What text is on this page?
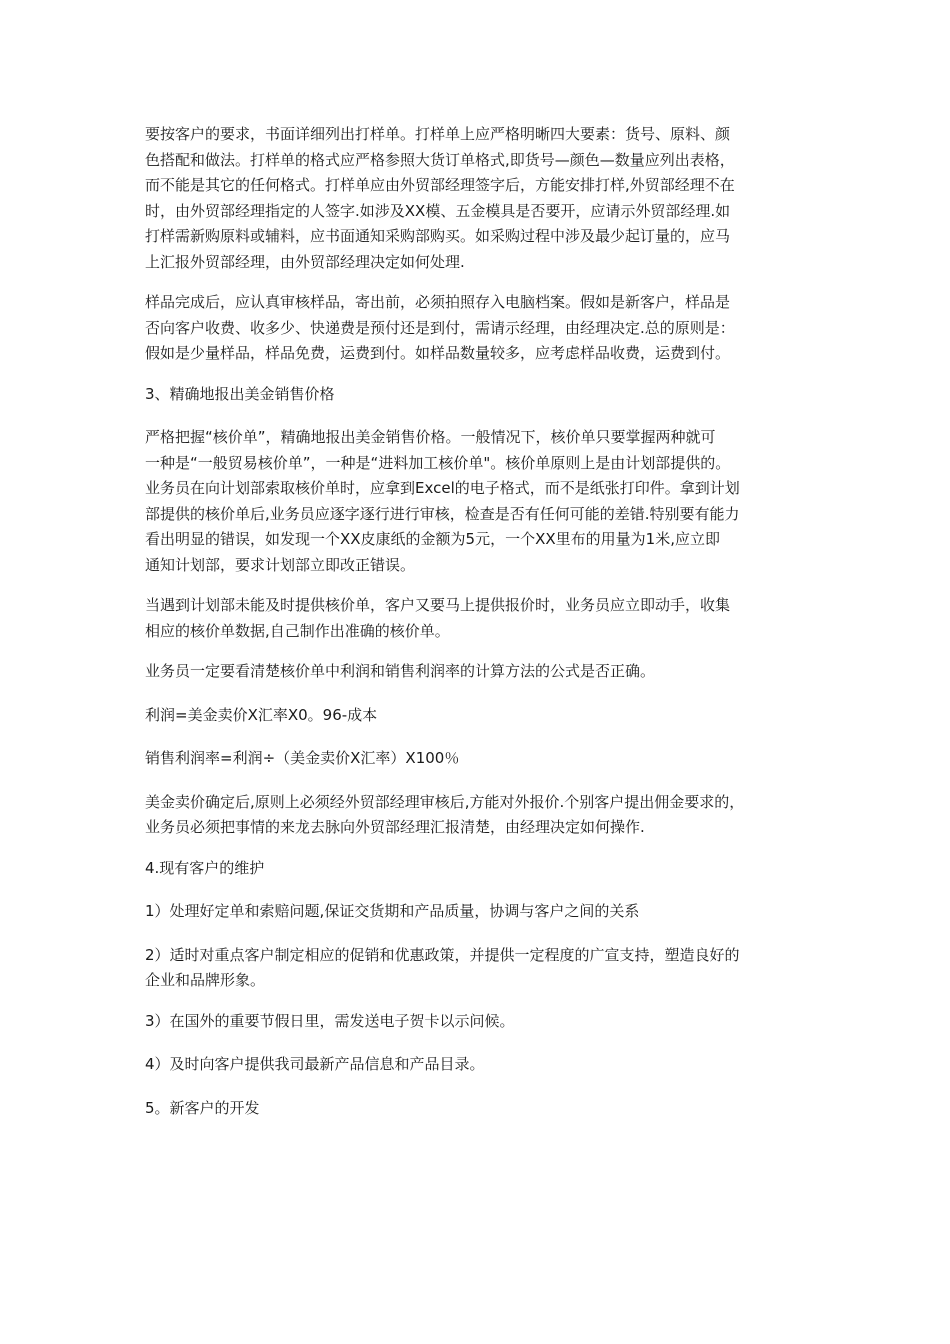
要按客户的要求，书面详细列出打样单。打样单上应严格明晰四大要素：货号、原料、颜
色搭配和做法。打样单的格式应严格参照大货订单格式,即货号—颜色—数量应列出表格，
而不能是其它的任何格式。打样单应由外贸部经理签字后，方能安排打样,外贸部经理不在
时，由外贸部经理指定的人签字.如涉及XX模、五金模具是否要开，应请示外贸部经理.如
打样需新购原料或辅料，应书面通知采购部购买。如采购过程中涉及最少起订量的，应马
上汇报外贸部经理，由外贸部经理决定如何处理.

样品完成后，应认真审核样品，寄出前，必须拍照存入电脑档案。假如是新客户，样品是
否向客户收费、收多少、快递费是预付还是到付，需请示经理，由经理决定.总的原则是：
假如是少量样品，样品免费，运费到付。如样品数量较多，应考虑样品收费，运费到付。

3、精确地报出美金销售价格

严格把握“核价单”，精确地报出美金销售价格。一般情况下，核价单只要掌握两种就可
一种是“一般贸易核价单”，一种是“进料加工核价单"。核价单原则上是由计划部提供的。
业务员在向计划部索取核价单时，应拿到Excel的电子格式，而不是纸张打印件。拿到计划
部提供的核价单后,业务员应逐字逐行进行审核，检查是否有任何可能的差错.特别要有能力
看出明显的错误，如发现一个XX皮康纸的金额为5元，一个XX里布的用量为1米,应立即
通知计划部，要求计划部立即改正错误。

当遇到计划部未能及时提供核价单，客户又要马上提供报价时，业务员应立即动手，收集
相应的核价单数据,自己制作出准确的核价单。

业务员一定要看清楚核价单中利润和销售利润率的计算方法的公式是否正确。

利润=美金卖价X汇率X0。96-成本

销售利润率=利润÷（美金卖价X汇率）X100％

美金卖价确定后,原则上必须经外贸部经理审核后,方能对外报价.个别客户提出佣金要求的，
业务员必须把事情的来龙去脉向外贸部经理汇报清楚，由经理决定如何操作.

4.现有客户的维护

1）处理好定单和索赔问题,保证交货期和产品质量，协调与客户之间的关系

2）适时对重点客户制定相应的促销和优惠政策，并提供一定程度的广宣支持，塑造良好的
企业和品牌形象。

3）在国外的重要节假日里，需发送电子贺卡以示问候。

4）及时向客户提供我司最新产品信息和产品目录。

5。新客户的开发
